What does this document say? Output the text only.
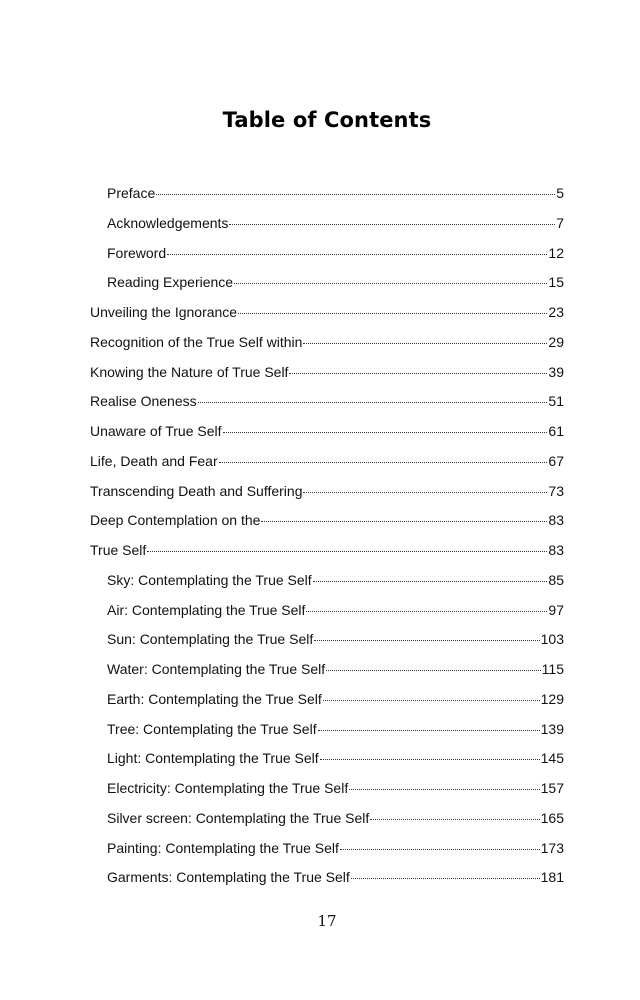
Table of Contents
Preface	5
Acknowledgements	7
Foreword	12
Reading Experience	15
Unveiling the Ignorance	23
Recognition of the True Self within	29
Knowing the Nature of True Self	39
Realise Oneness	51
Unaware of True Self	61
Life, Death and Fear	67
Transcending Death and Suffering	73
Deep Contemplation on the	83
True Self	83
Sky: Contemplating the True Self	85
Air: Contemplating the True Self	97
Sun: Contemplating the True Self	103
Water: Contemplating the True Self	115
Earth: Contemplating the True Self	129
Tree: Contemplating the True Self	139
Light: Contemplating the True Self	145
Electricity: Contemplating the True Self	157
Silver screen: Contemplating the True Self	165
Painting: Contemplating the True Self	173
Garments: Contemplating the True Self	181
17
